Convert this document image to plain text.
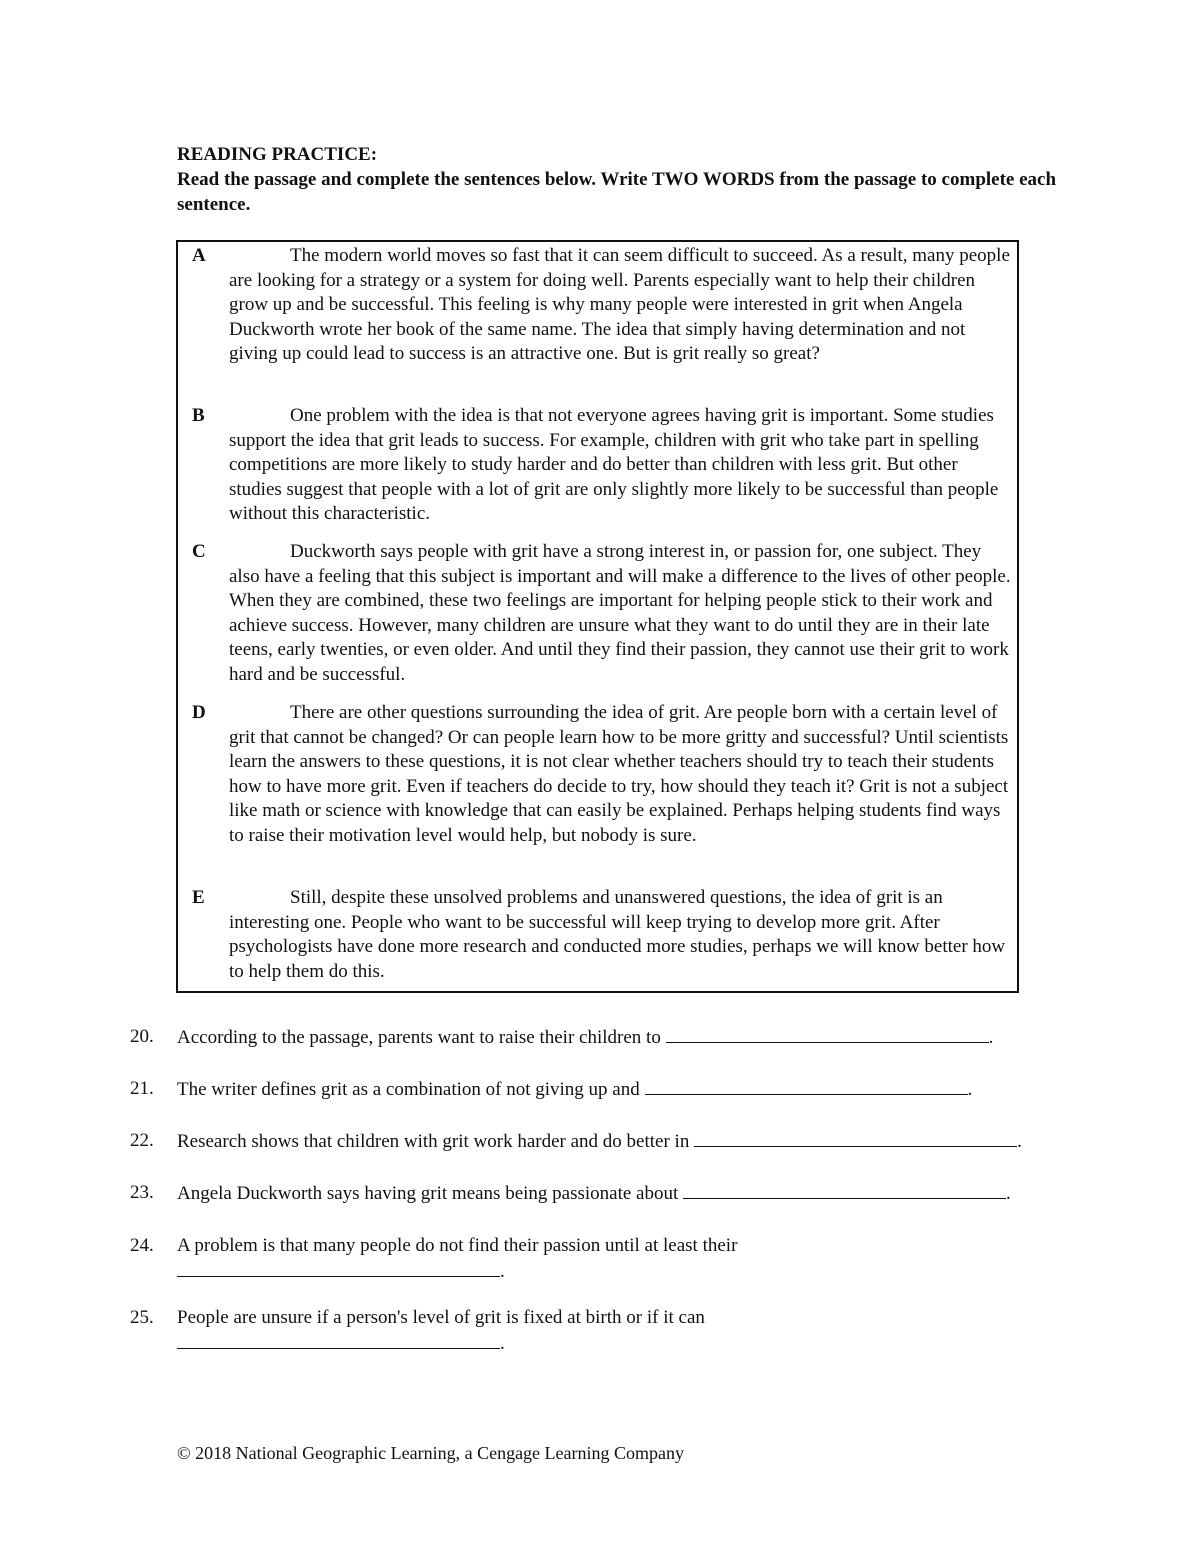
READING PRACTICE:
Read the passage and complete the sentences below. Write TWO WORDS from the passage to complete each sentence.
A	The modern world moves so fast that it can seem difficult to succeed. As a result, many people are looking for a strategy or a system for doing well. Parents especially want to help their children grow up and be successful. This feeling is why many people were interested in grit when Angela Duckworth wrote her book of the same name. The idea that simply having determination and not giving up could lead to success is an attractive one. But is grit really so great?
B	One problem with the idea is that not everyone agrees having grit is important. Some studies support the idea that grit leads to success. For example, children with grit who take part in spelling competitions are more likely to study harder and do better than children with less grit. But other studies suggest that people with a lot of grit are only slightly more likely to be successful than people without this characteristic.
C	Duckworth says people with grit have a strong interest in, or passion for, one subject. They also have a feeling that this subject is important and will make a difference to the lives of other people. When they are combined, these two feelings are important for helping people stick to their work and achieve success. However, many children are unsure what they want to do until they are in their late teens, early twenties, or even older. And until they find their passion, they cannot use their grit to work hard and be successful.
D	There are other questions surrounding the idea of grit. Are people born with a certain level of grit that cannot be changed? Or can people learn how to be more gritty and successful? Until scientists learn the answers to these questions, it is not clear whether teachers should try to teach their students how to have more grit. Even if teachers do decide to try, how should they teach it? Grit is not a subject like math or science with knowledge that can easily be explained. Perhaps helping students find ways to raise their motivation level would help, but nobody is sure.
E	Still, despite these unsolved problems and unanswered questions, the idea of grit is an interesting one. People who want to be successful will keep trying to develop more grit. After psychologists have done more research and conducted more studies, perhaps we will know better how to help them do this.
20. According to the passage, parents want to raise their children to	.
21. The writer defines grit as a combination of not giving up and	.
22. Research shows that children with grit work harder and do better in	.
23. Angela Duckworth says having grit means being passionate about	.
24. A problem is that many people do not find their passion until at least their
.
25. People are unsure if a person's level of grit is fixed at birth or if it can
.
© 2018 National Geographic Learning, a Cengage Learning Company
